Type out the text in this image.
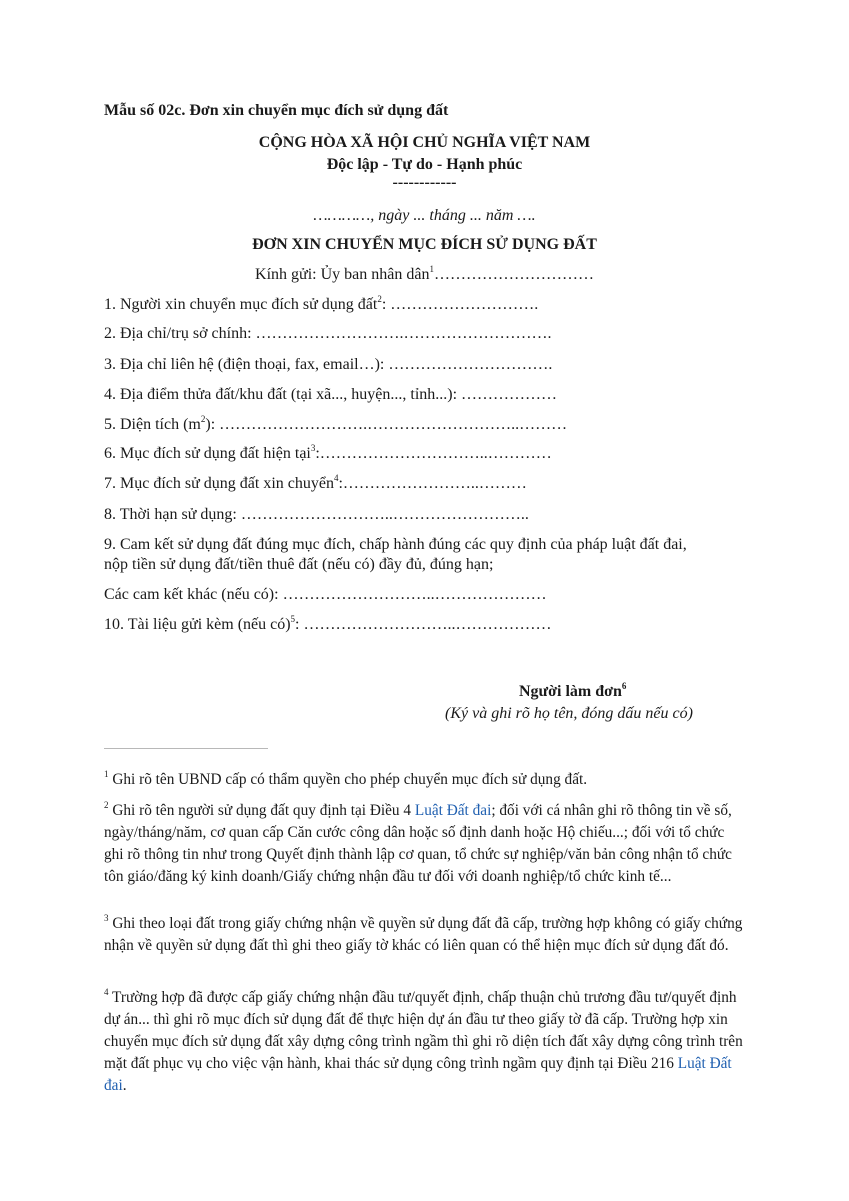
Mẫu số 02c. Đơn xin chuyển mục đích sử dụng đất
CỘNG HÒA XÃ HỘI CHỦ NGHĨA VIỆT NAM
Độc lập - Tự do - Hạnh phúc
------------
…………, ngày ... tháng ... năm ….
ĐƠN XIN CHUYỂN MỤC ĐÍCH SỬ DỤNG ĐẤT
Kính gửi: Ủy ban nhân dân$^1$…………………………
1. Người xin chuyển mục đích sử dụng đất$^2$: ……………………….
2. Địa chỉ/trụ sở chính: ……………………….……………………….
3. Địa chỉ liên hệ (điện thoại, fax, email…): ………………………….
4. Địa điểm thửa đất/khu đất (tại xã..., huyện..., tỉnh...): ………………
5. Diện tích $(m^2)$: ……………………….………………………..………
6. Mục đích sử dụng đất hiện tại$^3$:…………………………..…………
7. Mục đích sử dụng đất xin chuyển$^4$:……………………..………
8. Thời hạn sử dụng: ………………………..……………………..
9. Cam kết sử dụng đất đúng mục đích, chấp hành đúng các quy định của pháp luật đất đai,
nộp tiền sử dụng đất/tiền thuê đất (nếu có) đầy đủ, đúng hạn;
Các cam kết khác (nếu có): ………………………..…………………
10. Tài liệu gửi kèm (nếu có)$^5$: ………………………..………………
Người làm đơn$^6$
(Ký và ghi rõ họ tên, đóng dấu nếu có)
$^1$ Ghi rõ tên UBND cấp có thẩm quyền cho phép chuyển mục đích sử dụng đất.
$^2$ Ghi rõ tên người sử dụng đất quy định tại Điều 4 Luật Đất đai; đối với cá nhân ghi rõ thông tin về số, ngày/tháng/năm, cơ quan cấp Căn cước công dân hoặc số định danh hoặc Hộ chiếu...; đối với tổ chức ghi rõ thông tin như trong Quyết định thành lập cơ quan, tổ chức sự nghiệp/văn bản công nhận tổ chức tôn giáo/đăng ký kinh doanh/Giấy chứng nhận đầu tư đối với doanh nghiệp/tổ chức kinh tế...
$^3$ Ghi theo loại đất trong giấy chứng nhận về quyền sử dụng đất đã cấp, trường hợp không có giấy chứng nhận về quyền sử dụng đất thì ghi theo giấy tờ khác có liên quan có thể hiện mục đích sử dụng đất đó.
$^4$ Trường hợp đã được cấp giấy chứng nhận đầu tư/quyết định, chấp thuận chủ trương đầu tư/quyết định dự án... thì ghi rõ mục đích sử dụng đất để thực hiện dự án đầu tư theo giấy tờ đã cấp. Trường hợp xin chuyển mục đích sử dụng đất xây dựng công trình ngầm thì ghi rõ diện tích đất xây dựng công trình trên mặt đất phục vụ cho việc vận hành, khai thác sử dụng công trình ngầm quy định tại Điều 216 Luật Đất đai.
